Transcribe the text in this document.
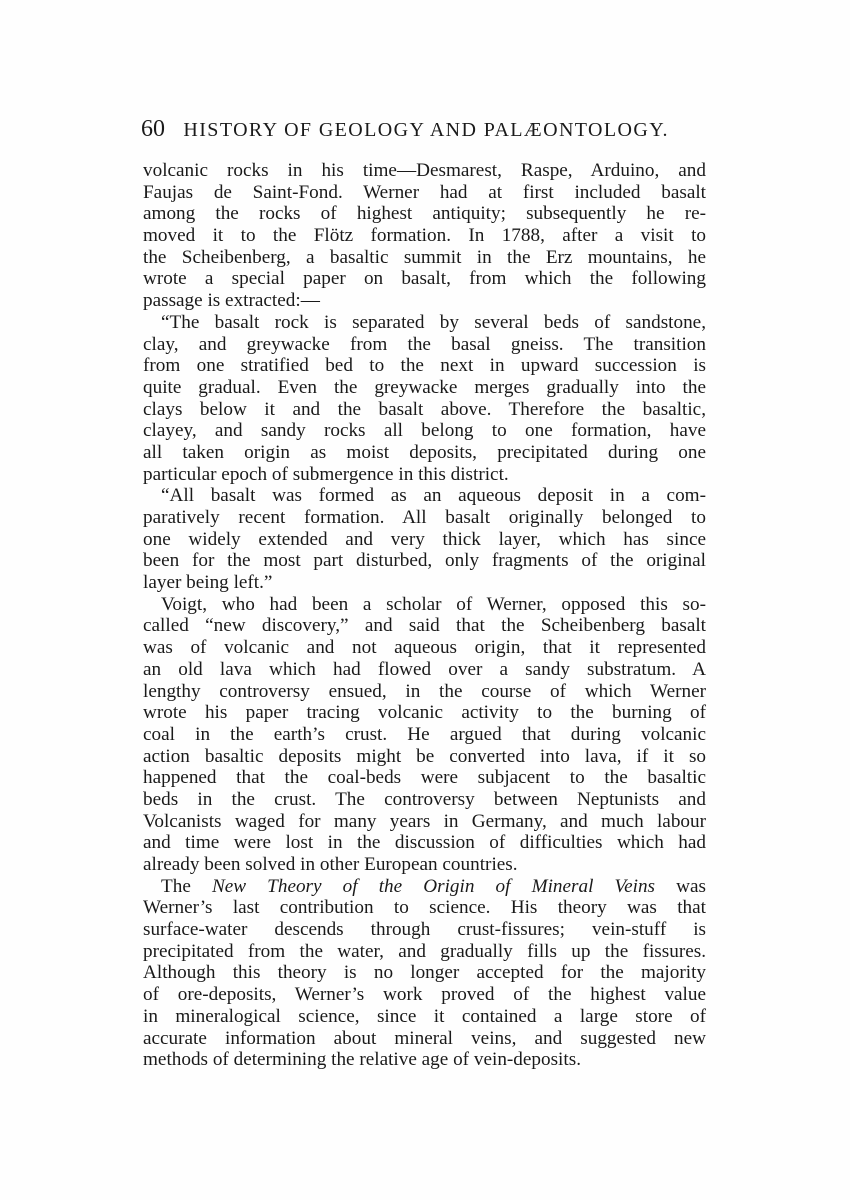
60 HISTORY OF GEOLOGY AND PALÆONTOLOGY.
volcanic rocks in his time—Desmarest, Raspe, Arduino, and
Faujas de Saint-Fond. Werner had at first included basalt
among the rocks of highest antiquity; subsequently he re-
moved it to the Flötz formation. In 1788, after a visit to
the Scheibenberg, a basaltic summit in the Erz mountains, he
wrote a special paper on basalt, from which the following
passage is extracted:—
“The basalt rock is separated by several beds of sandstone,
clay, and greywacke from the basal gneiss. The transition
from one stratified bed to the next in upward succession is
quite gradual. Even the greywacke merges gradually into the
clays below it and the basalt above. Therefore the basaltic,
clayey, and sandy rocks all belong to one formation, have
all taken origin as moist deposits, precipitated during one
particular epoch of submergence in this district.
“All basalt was formed as an aqueous deposit in a com-
paratively recent formation. All basalt originally belonged to
one widely extended and very thick layer, which has since
been for the most part disturbed, only fragments of the original
layer being left.”
Voigt, who had been a scholar of Werner, opposed this so-
called “new discovery,” and said that the Scheibenberg basalt
was of volcanic and not aqueous origin, that it represented
an old lava which had flowed over a sandy substratum. A
lengthy controversy ensued, in the course of which Werner
wrote his paper tracing volcanic activity to the burning of
coal in the earth’s crust. He argued that during volcanic
action basaltic deposits might be converted into lava, if it so
happened that the coal-beds were subjacent to the basaltic
beds in the crust. The controversy between Neptunists and
Volcanists waged for many years in Germany, and much labour
and time were lost in the discussion of difficulties which had
already been solved in other European countries.
The New Theory of the Origin of Mineral Veins was
Werner’s last contribution to science. His theory was that
surface-water descends through crust-fissures; vein-stuff is
precipitated from the water, and gradually fills up the fissures.
Although this theory is no longer accepted for the majority
of ore-deposits, Werner’s work proved of the highest value
in mineralogical science, since it contained a large store of
accurate information about mineral veins, and suggested new
methods of determining the relative age of vein-deposits.
